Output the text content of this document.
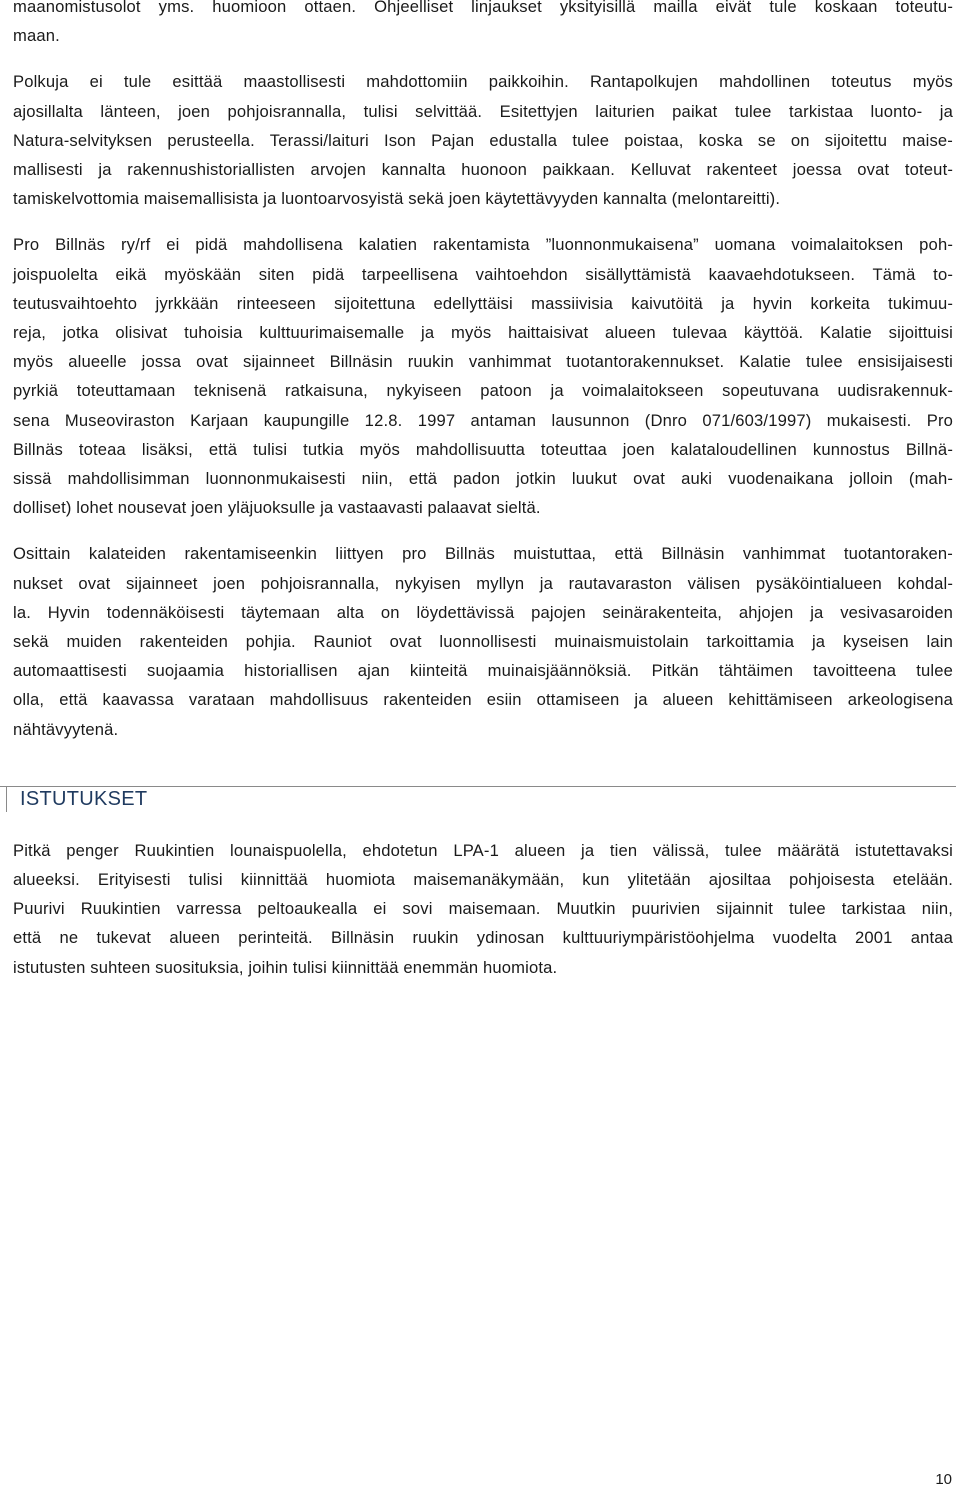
maanomistusolot yms. huomioon ottaen. Ohjeelliset linjaukset yksityisillä mailla eivät tule koskaan toteutu-
maan.

Polkuja ei tule esittää maastollisesti mahdottomiin paikkoihin. Rantapolkujen mahdollinen toteutus myös
ajosillalta länteen, joen pohjoisrannalla, tulisi selvittää. Esitettyjen laiturien paikat tulee tarkistaa luonto- ja
Natura-selvityksen perusteella. Terassi/laituri Ison Pajan edustalla tulee poistaa, koska se on sijoitettu maise-
mallisesti ja rakennushistoriallisten arvojen kannalta huonoon paikkaan. Kelluvat rakenteet joessa ovat toteut-
tamiskelvottomia maisemallisista ja luontoarvosyistä sekä joen käytettävyyden kannalta (melontareitti).

Pro Billnäs ry/rf ei pidä mahdollisena kalatien rakentamista ”luonnonmukaisena” uomana voimalaitoksen poh-
joispuolelta eikä myöskään siten pidä tarpeellisena vaihtoehdon sisällyttämistä kaavaehdotukseen. Tämä to-
teutusvaihtoehto jyrkkään rinteeseen sijoitettuna edellyttäisi massiivisia kaivutöitä ja hyvin korkeita tukimuu-
reja, jotka olisivat tuhoisia kulttuurimaisemalle ja myös haittaisivat alueen tulevaa käyttöä. Kalatie sijoittuisi
myös alueelle jossa ovat sijainneet Billnäsin ruukin vanhimmat tuotantorakennukset. Kalatie tulee ensisijaisesti
pyrkiä toteuttamaan teknisenä ratkaisuna, nykyiseen patoon ja voimalaitokseen sopeutuvana uudisrakennuk-
sena Museoviraston Karjaan kaupungille 12.8. 1997 antaman lausunnon (Dnro 071/603/1997) mukaisesti. Pro
Billnäs toteaa lisäksi, että tulisi tutkia myös mahdollisuutta toteuttaa joen kalataloudellinen kunnostus Billnä-
sissä mahdollisimman luonnonmukaisesti niin, että padon jotkin luukut ovat auki vuodenaikana jolloin (mah-
dolliset) lohet nousevat joen yläjuoksulle ja vastaavasti palaavat sieltä.

Osittain kalateiden rakentamiseenkin liittyen pro Billnäs muistuttaa, että Billnäsin vanhimmat tuotantoraken-
nukset ovat sijainneet joen pohjoisrannalla, nykyisen myllyn ja rautavaraston välisen pysäköintialueen kohdal-
la. Hyvin todennäköisesti täytemaan alta on löydettävissä pajojen seinärakenteita, ahjojen ja vesivasaroiden
sekä muiden rakenteiden pohjia. Rauniot ovat luonnollisesti muinaismuistolain tarkoittamia ja kyseisen lain
automaattisesti suojaamia historiallisen ajan kiinteitä muinaisjäännöksiä. Pitkän tähtäimen tavoitteena tulee
olla, että kaavassa varataan mahdollisuus rakenteiden esiin ottamiseen ja alueen kehittämiseen arkeologisena
nähtävyytenä.

ISTUTUKSET

Pitkä penger Ruukintien lounaispuolella, ehdotetun LPA-1 alueen ja tien välissä, tulee määrätä istutettavaksi
alueeksi. Erityisesti tulisi kiinnittää huomiota maisemanäkymään, kun ylitetään ajosiltaa pohjoisesta etelään.
Puurivi Ruukintien varressa peltoaukealla ei sovi maisemaan. Muutkin puurivien sijainnit tulee tarkistaa niin,
että ne tukevat alueen perinteitä. Billnäsin ruukin ydinosan kulttuuriympäristöohjelma vuodelta 2001 antaa
istutusten suhteen suosituksia, joihin tulisi kiinnittää enemmän huomiota.

10
